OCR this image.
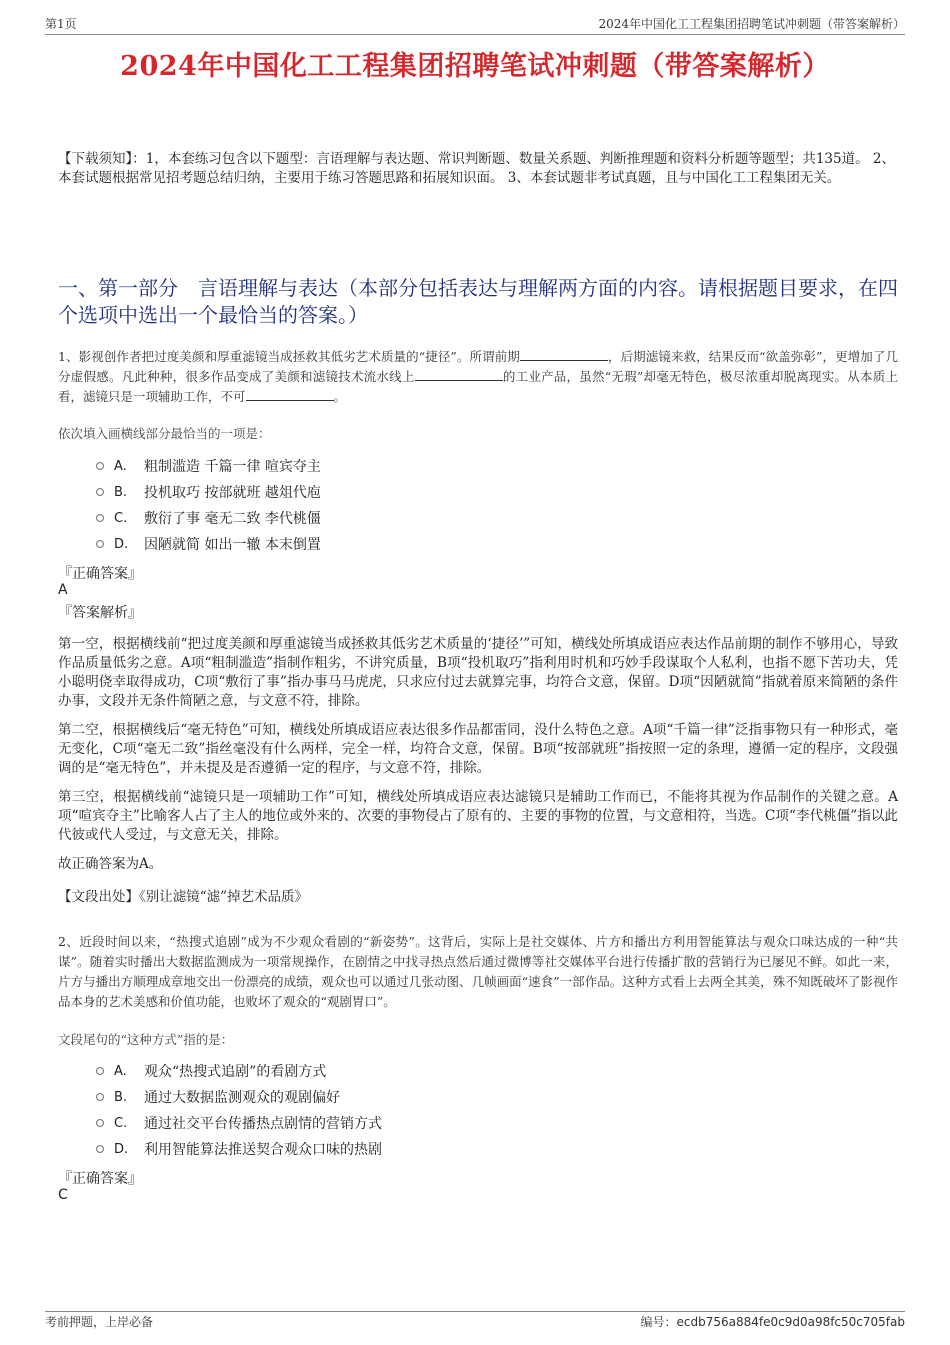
第1页	2024年中国化工工程集团招聘笔试冲刺题（带答案解析）
2024年中国化工工程集团招聘笔试冲刺题（带答案解析）
【下载须知】：1，本套练习包含以下题型：言语理解与表达题、常识判断题、数量关系题、判断推理题和资料分析题等题型；共135道。 2、本套试题根据常见招考题总结归纳，主要用于练习答题思路和拓展知识面。 3、本套试题非考试真题，且与中国化工工程集团无关。
一、第一部分　言语理解与表达（本部分包括表达与理解两方面的内容。请根据题目要求，在四个选项中选出一个最恰当的答案。）
1、影视创作者把过度美颜和厚重滤镜当成拯救其低劣艺术质量的“捷径”。所谓前期	，后期滤镜来救，结果反而“欲盖弥彰”，更增加了几分虚假感。凡此种种，很多作品变成了美颜和滤镜技术流水线上	的工业产品，虽然“无瑕”却毫无特色，极尽浓重却脱离现实。从本质上看，滤镜只是一项辅助工作，不可	。
依次填入画横线部分最恰当的一项是：
A.	粗制滥造 千篇一律 喧宾夺主
B.	投机取巧 按部就班 越俎代庖
C.	敷衍了事 毫无二致 李代桃僵
D.	因陋就简 如出一辙 本末倒置
『正确答案』
A
『答案解析』

第一空，根据横线前“把过度美颜和厚重滤镜当成拯救其低劣艺术质量的‘捷径’”可知，横线处所填成语应表达作品前期的制作不够用心，导致作品质量低劣之意。A项“粗制滥造”指制作粗劣，不讲究质量，B项“投机取巧”指利用时机和巧妙手段谋取个人私利，也指不愿下苦功夫，凭小聪明侥幸取得成功，C项“敷衍了事”指办事马马虎虎，只求应付过去就算完事，均符合文意，保留。D项“因陋就简”指就着原来简陋的条件办事，文段并无条件简陋之意，与文意不符，排除。

第二空，根据横线后“毫无特色”可知，横线处所填成语应表达很多作品都雷同，没什么特色之意。A项“千篇一律”泛指事物只有一种形式，毫无变化，C项“毫无二致”指丝毫没有什么两样，完全一样，均符合文意，保留。B项“按部就班”指按照一定的条理，遵循一定的程序，文段强调的是“毫无特色”，并未提及是否遵循一定的程序，与文意不符，排除。

第三空，根据横线前“滤镜只是一项辅助工作”可知，横线处所填成语应表达滤镜只是辅助工作而已，不能将其视为作品制作的关键之意。A项“喧宾夺主”比喻客人占了主人的地位或外来的、次要的事物侵占了原有的、主要的事物的位置，与文意相符，当选。C项“李代桃僵”指以此代彼或代人受过，与文意无关，排除。

故正确答案为A。

【文段出处】《别让滤镜“滤”掉艺术品质》

2、近段时间以来，“热搜式追剧”成为不少观众看剧的“新姿势”。这背后，实际上是社交媒体、片方和播出方利用智能算法与观众口味达成的一种“共谋”。随着实时播出大数据监测成为一项常规操作，在剧情之中找寻热点然后通过微博等社交媒体平台进行传播扩散的营销行为已屡见不鲜。如此一来，片方与播出方顺理成章地交出一份漂亮的成绩，观众也可以通过几张动图、几帧画面“速食”一部作品。这种方式看上去两全其美，殊不知既破坏了影视作品本身的艺术美感和价值功能，也败坏了观众的“观剧胃口”。
文段尾句的“这种方式”指的是：
A.	观众“热搜式追剧”的看剧方式
B.	通过大数据监测观众的观剧偏好
C.	通过社交平台传播热点剧情的营销方式
D.	利用智能算法推送契合观众口味的热剧
『正确答案』
C
考前押题，上岸必备	编号：ecdb756a884fe0c9d0a98fc50c705fab
